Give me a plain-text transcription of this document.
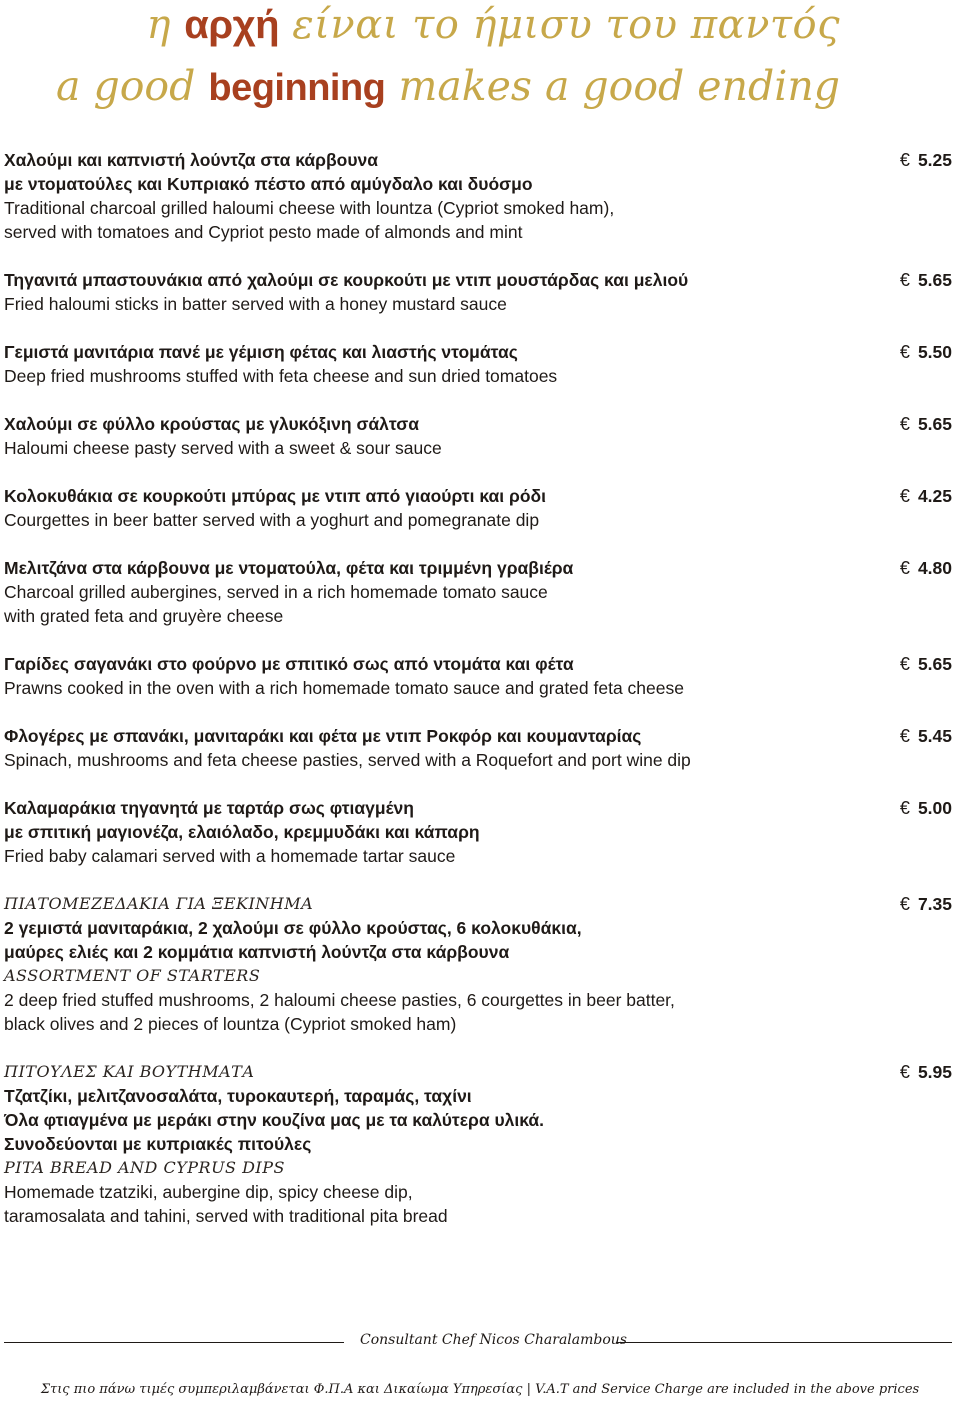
η αρχή είναι το ήμισυ του παντός
a good beginning makes a good ending
Χαλούμι και καπνιστή λούντζα στα κάρβουνα
με ντοματούλες και Κυπριακό πέστο από αμύγδαλο και δυόσμο
Traditional charcoal grilled haloumi cheese with lountza (Cypriot smoked ham),
served with tomatoes and Cypriot pesto made of almonds and mint
€ 5.25
Τηγανιτά μπαστουνάκια από χαλούμι σε κουρκούτι με ντιπ μουστάρδας και μελιού
Fried haloumi sticks in batter served with a honey mustard sauce
€ 5.65
Γεμιστά μανιτάρια πανέ με γέμιση φέτας και λιαστής ντομάτας
Deep fried mushrooms stuffed with feta cheese and sun dried tomatoes
€ 5.50
Χαλούμι σε φύλλο κρούστας με γλυκόξινη σάλτσα
Haloumi cheese pasty served with a sweet & sour sauce
€ 5.65
Κολοκυθάκια σε κουρκούτι μπύρας με ντιπ από γιαούρτι και ρόδι
Courgettes in beer batter served with a yoghurt and pomegranate dip
€ 4.25
Μελιτζάνα στα κάρβουνα με ντοματούλα, φέτα και τριμμένη γραβιέρα
Charcoal grilled aubergines, served in a rich homemade tomato sauce
with grated feta and gruyère cheese
€ 4.80
Γαρίδες σαγανάκι στο φούρνο με σπιτικό σως από ντομάτα και φέτα
Prawns cooked in the oven with a rich homemade tomato sauce and grated feta cheese
€ 5.65
Φλογέρες με σπανάκι, μανιταράκι και φέτα με ντιπ Ροκφόρ και κουμανταρίας
Spinach, mushrooms and feta cheese pasties, served with a Roquefort and port wine dip
€ 5.45
Καλαμαράκια τηγανητά με ταρτάρ σως φτιαγμένη
με σπιτική μαγιονέζα, ελαιόλαδο, κρεμμυδάκι και κάπαρη
Fried baby calamari served with a homemade tartar sauce
€ 5.00
ΠΙΑΤΟΜΕΖΕΔΑΚΙΑ ΓΙΑ ΞΕΚΙΝΗΜΑ
2 γεμιστά μανιταράκια, 2 χαλούμι σε φύλλο κρούστας, 6 κολοκυθάκια,
μαύρες ελιές και 2 κομμάτια καπνιστή λούντζα στα κάρβουνα
ASSORTMENT OF STARTERS
2 deep fried stuffed mushrooms, 2 haloumi cheese pasties, 6 courgettes in beer batter,
black olives and 2 pieces of lountza (Cypriot smoked ham)
€ 7.35
ΠΙΤΟΥΛΕΣ ΚΑΙ ΒΟΥΤΗΜΑΤΑ
Τζατζίκι, μελιτζανοσαλάτα, τυροκαυτερή, ταραμάς, ταχίνι
Όλα φτιαγμένα με μεράκι στην κουζίνα μας με τα καλύτερα υλικά.
Συνοδεύονται με κυπριακές πιτούλες
PITA BREAD AND CYPRUS DIPS
Homemade tzatziki, aubergine dip, spicy cheese dip,
taramosalata and tahini, served with traditional pita bread
€ 5.95
Consultant Chef Nicos Charalambous
Στις πιο πάνω τιμές συμπεριλαμβάνεται Φ.Π.Α και Δικαίωμα Υπηρεσίας | V.A.T and Service Charge are included in the above prices
